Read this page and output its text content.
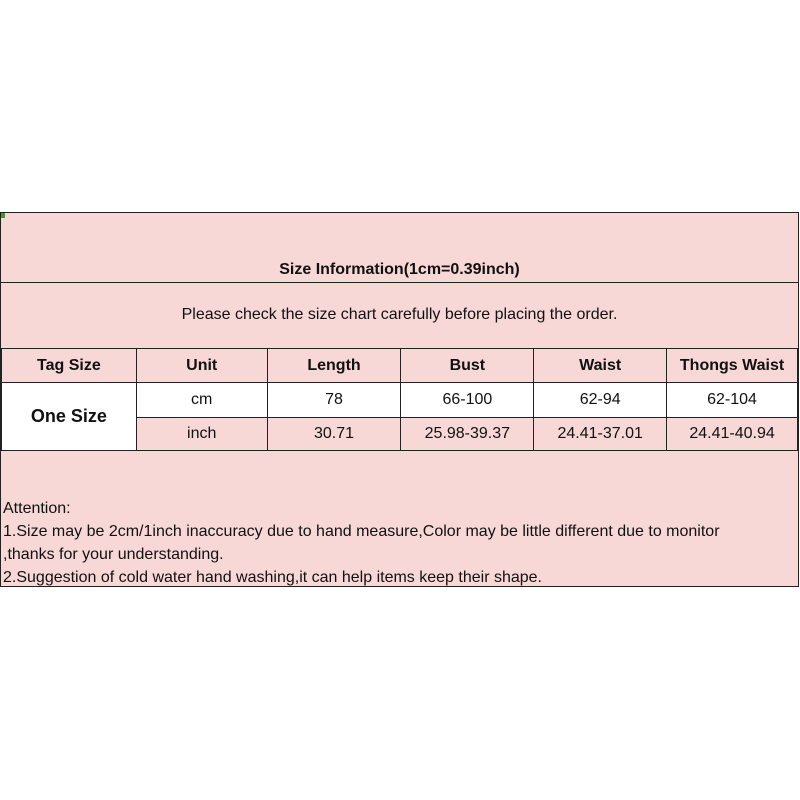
Size Information(1cm=0.39inch)
Please check the size chart carefully before placing the order.
Tag Size	Unit	Length	Bust	Waist	Thongs Waist
One Size	cm	78	66-100	62-94	62-104
	inch	30.71	25.98-39.37	24.41-37.01	24.41-40.94
Attention:
1.Size may be 2cm/1inch inaccuracy due to hand measure,Color may be little different due to monitor
,thanks for your understanding.
2.Suggestion of cold water hand washing,it can help items keep their shape.
